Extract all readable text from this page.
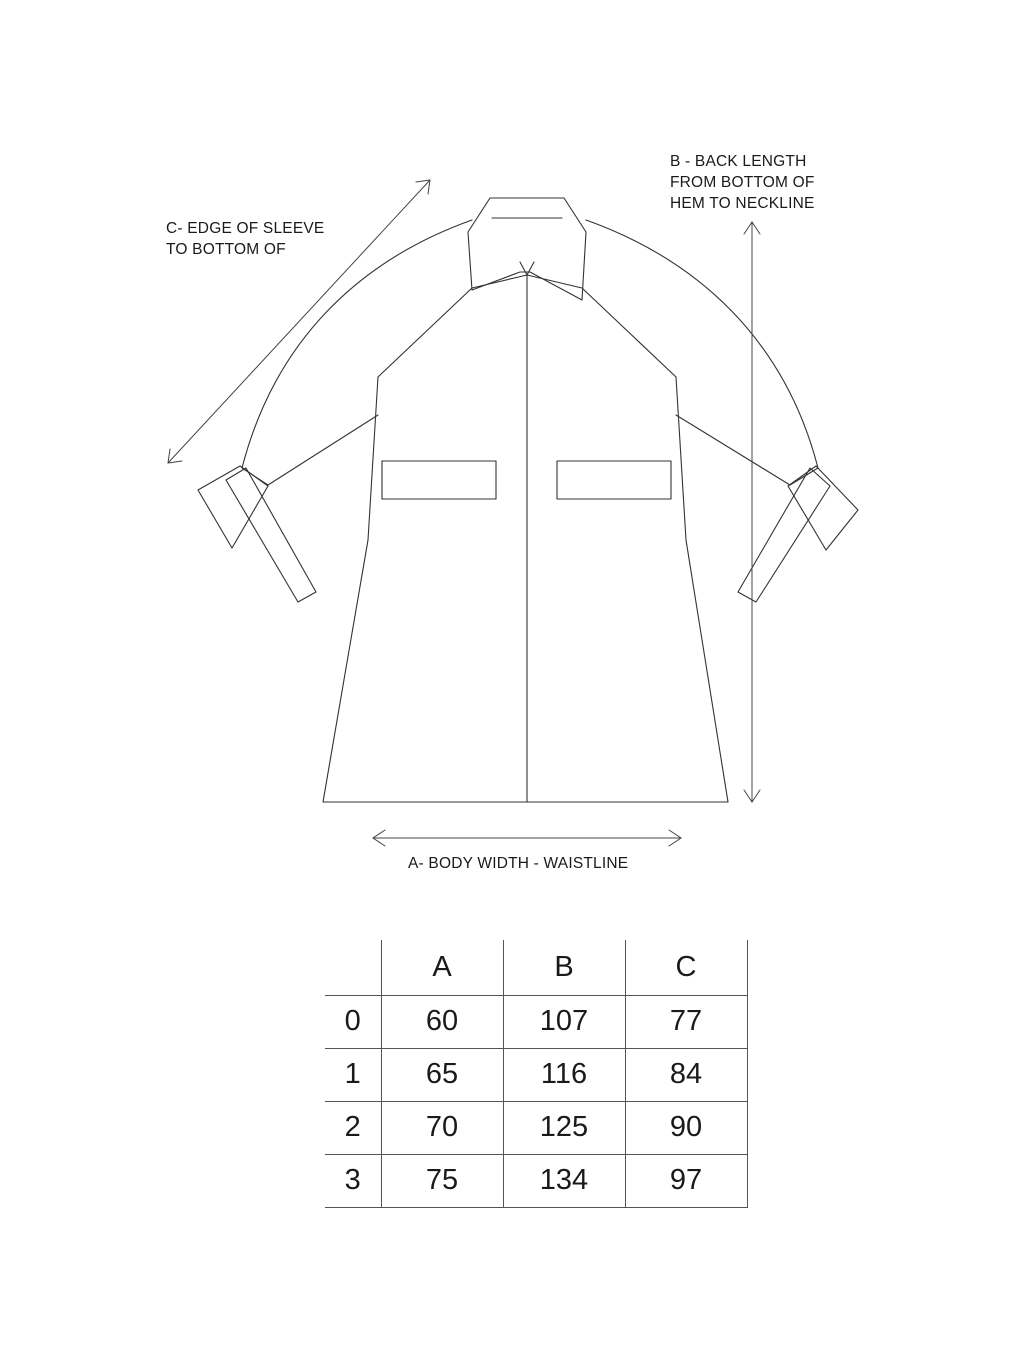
C- EDGE OF SLEEVE
TO BOTTOM OF
B - BACK LENGTH
FROM BOTTOM OF
HEM TO NECKLINE
A- BODY WIDTH - WAISTLINE
	A	B	C
0	60	107	77
1	65	116	84
2	70	125	90
3	75	134	97
